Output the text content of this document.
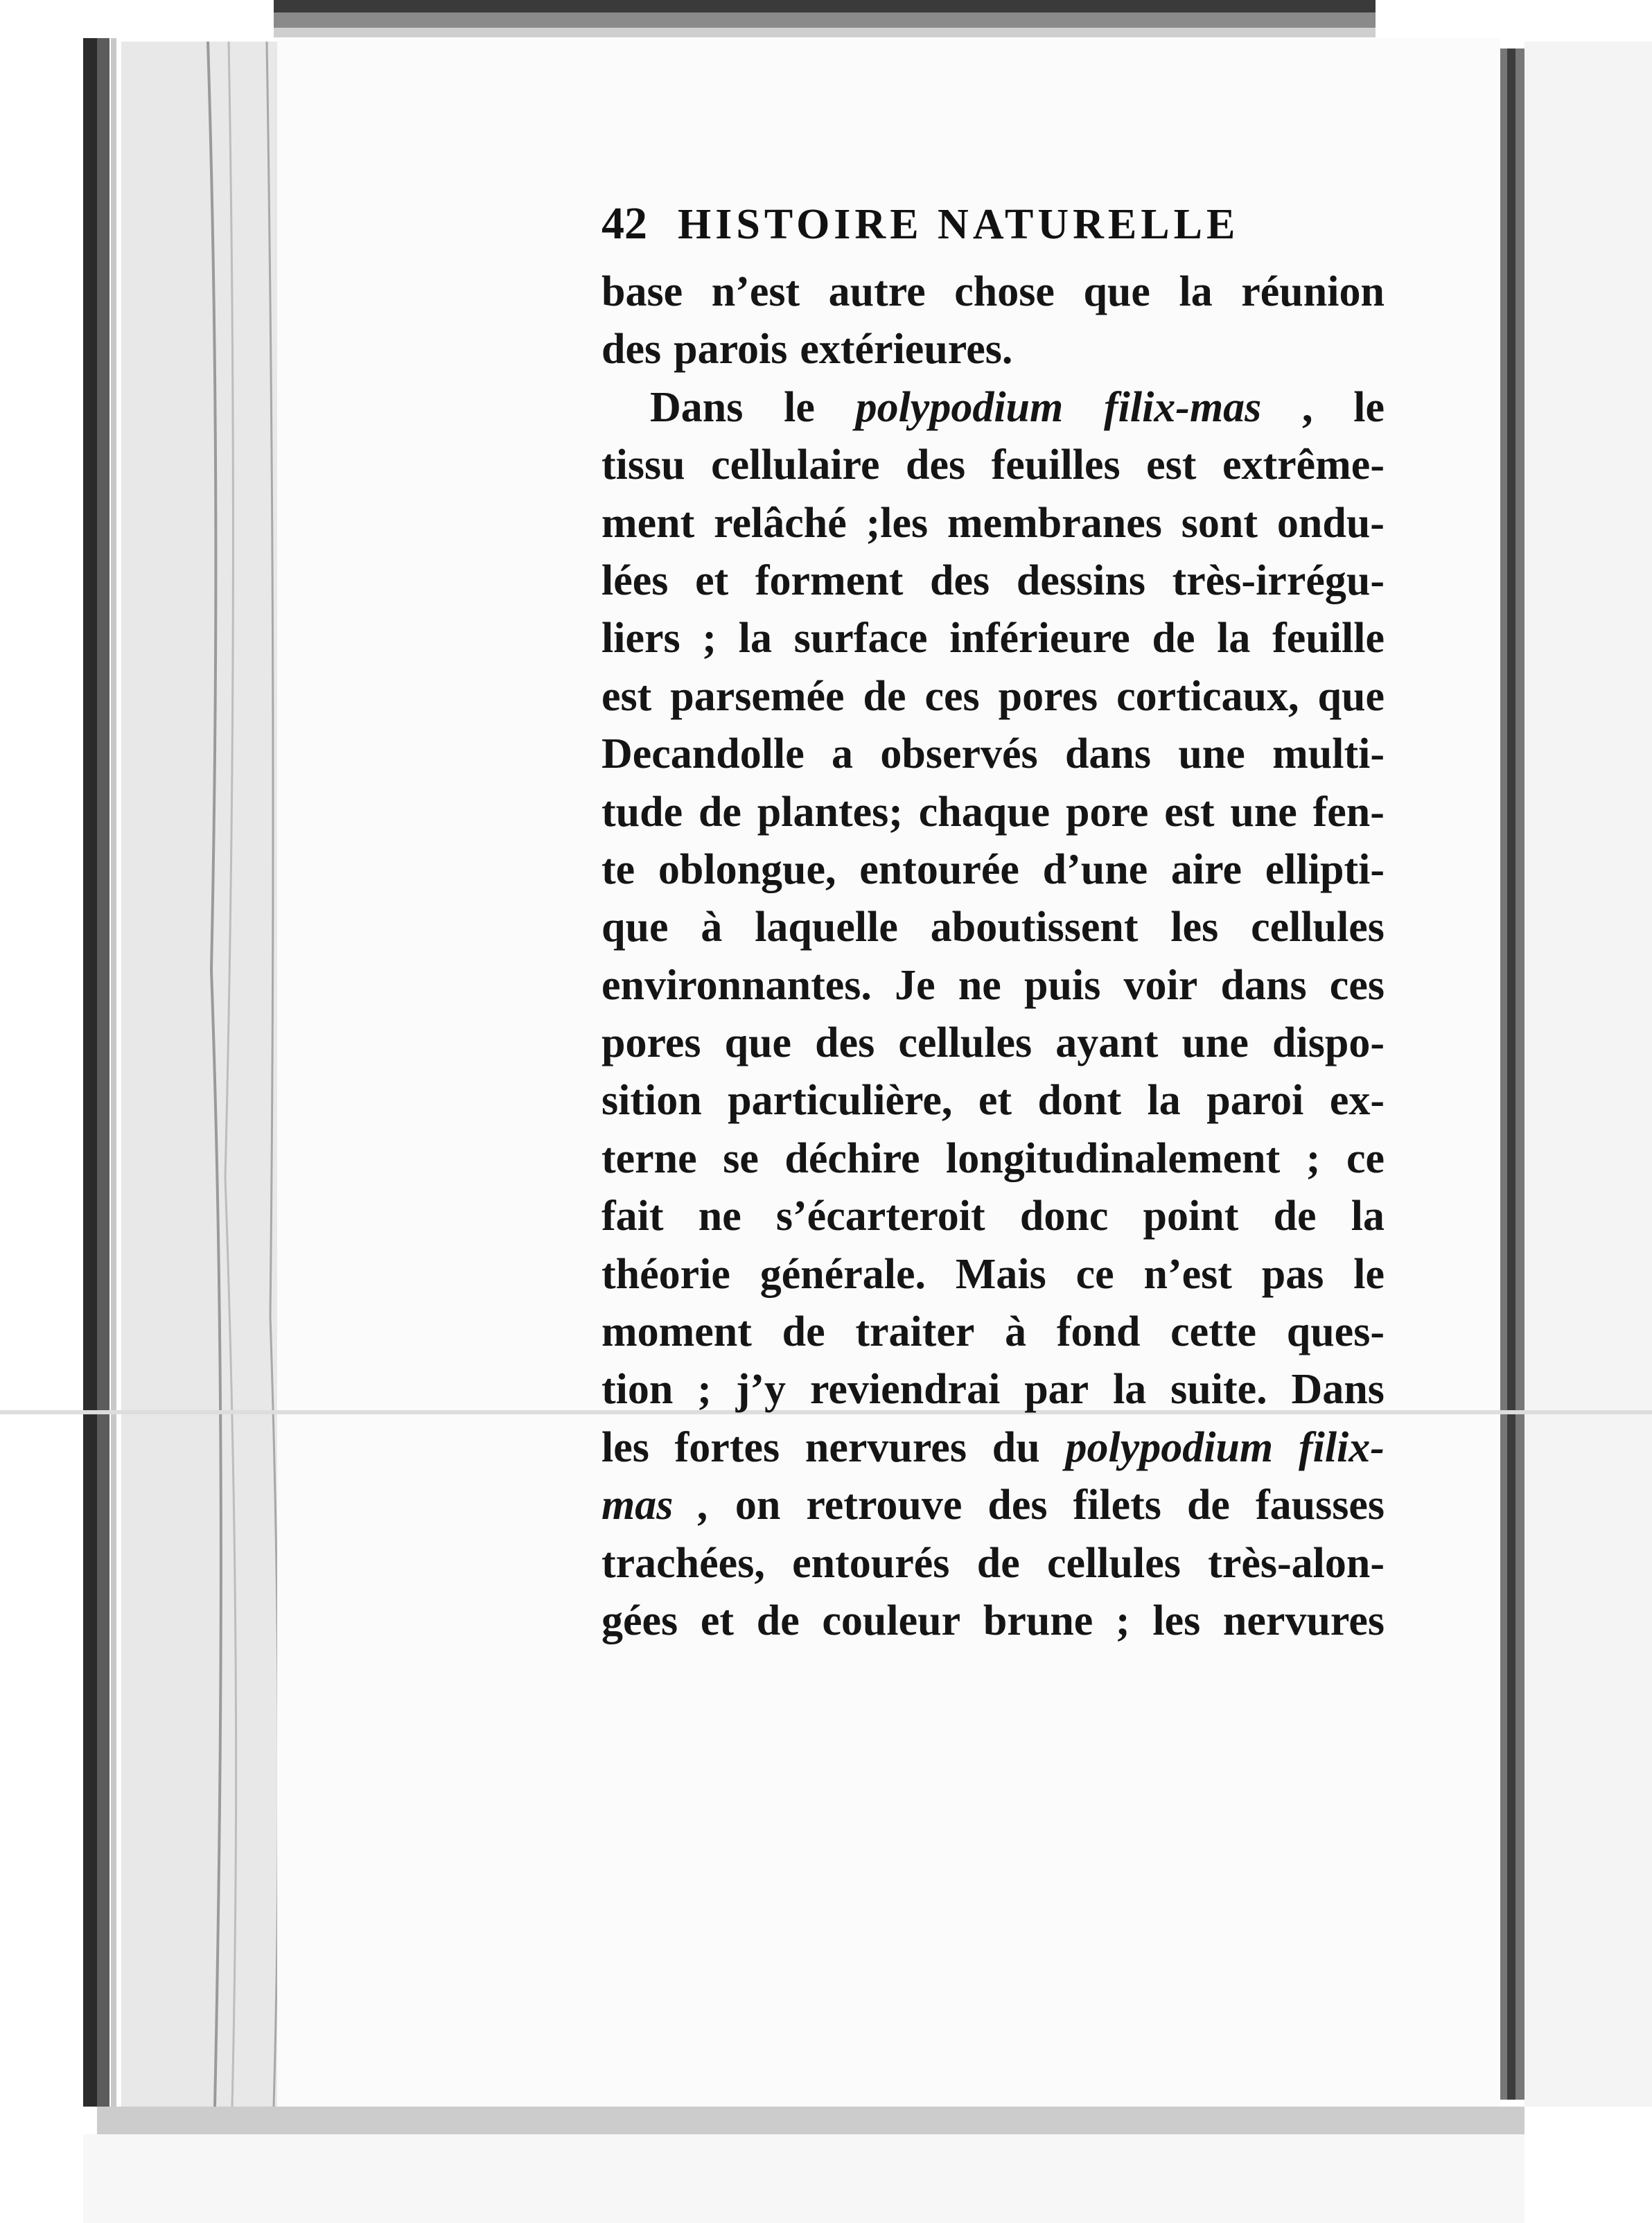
42 HISTOIRE NATURELLE
base n’est autre chose que la réunion
des parois extérieures.
Dans le polypodium filix-mas , le
tissu cellulaire des feuilles est extrême-
ment relâché ;les membranes sont ondu-
lées et forment des dessins très-irrégu-
liers ; la surface inférieure de la feuille
est parsemée de ces pores corticaux, que
Decandolle a observés dans une multi-
tude de plantes; chaque pore est une fen-
te oblongue, entourée d’une aire ellipti-
que à laquelle aboutissent les cellules
environnantes. Je ne puis voir dans ces
pores que des cellules ayant une dispo-
sition particulière, et dont la paroi ex-
terne se déchire longitudinalement ; ce
fait ne s’écarteroit donc point de la
théorie générale. Mais ce n’est pas le
moment de traiter à fond cette ques-
tion ; j’y reviendrai par la suite. Dans
les fortes nervures du polypodium filix-
mas , on retrouve des filets de fausses
trachées, entourés de cellules très-alon-
gées et de couleur brune ; les nervures
